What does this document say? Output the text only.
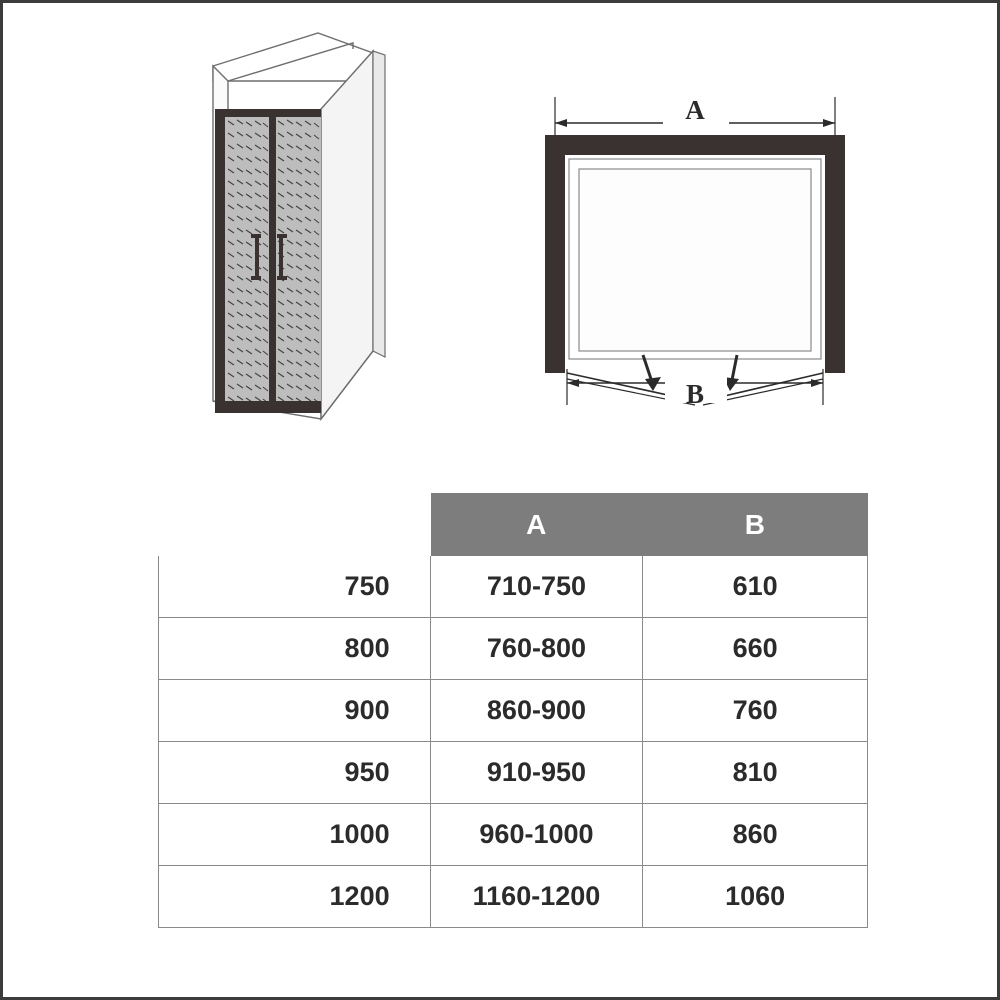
A
B
	A	B
750	710-750	610
800	760-800	660
900	860-900	760
950	910-950	810
1000	960-1000	860
1200	1160-1200	1060
